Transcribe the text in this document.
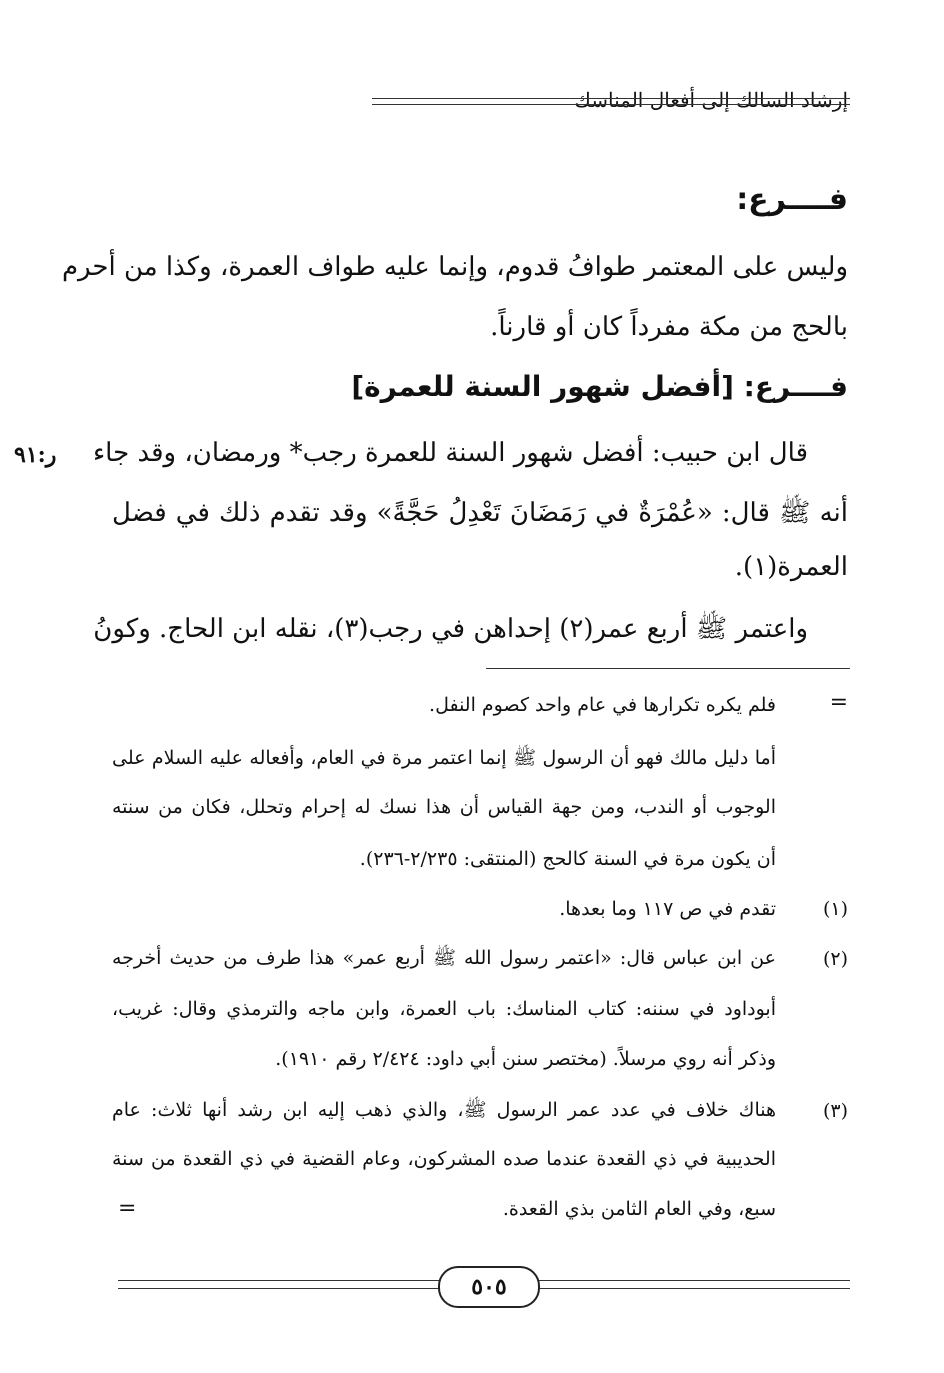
إرشاد السالك إلى أفعال المناسك
فــــرع:
وليس على المعتمر طوافُ قدوم، وإنما عليه طواف العمرة، وكذا من أحرم
بالحج من مكة مفرداً كان أو قارناً.
فــــرع: [أفضل شهور السنة للعمرة]
ر:٩١ قال ابن حبيب: أفضل شهور السنة للعمرة رجب* ورمضان، وقد جاء
أنه ﷺ قال: «عُمْرَةٌ في رَمَضَانَ تَعْدِلُ حَجَّةً» وقد تقدم ذلك في فضل
العمرة(١).
واعتمر ﷺ أربع عمر(٢) إحداهن في رجب(٣)، نقله ابن الحاج. وكونُ
=
فلم يكره تكرارها في عام واحد كصوم النفل.
أما دليل مالك فهو أن الرسول ﷺ إنما اعتمر مرة في العام، وأفعاله عليه السلام على
الوجوب أو الندب، ومن جهة القياس أن هذا نسك له إحرام وتحلل، فكان من سنته
أن يكون مرة في السنة كالحج (المنتقى: ٢/٢٣٥-٢٣٦).
(١)
تقدم في ص ١١٧ وما بعدها.
(٢)
عن ابن عباس قال: «اعتمر رسول الله ﷺ أربع عمر» هذا طرف من حديث أخرجه
أبوداود في سننه: كتاب المناسك: باب العمرة، وابن ماجه والترمذي وقال: غريب،
وذكر أنه روي مرسلاً. (مختصر سنن أبي داود: ٢/٤٢٤ رقم ١٩١٠).
(٣)
هناك خلاف في عدد عمر الرسول ﷺ، والذي ذهب إليه ابن رشد أنها ثلاث: عام
الحديبية في ذي القعدة عندما صده المشركون، وعام القضية في ذي القعدة من سنة
سبع، وفي العام الثامن بذي القعدة.
=
٥٠٥
